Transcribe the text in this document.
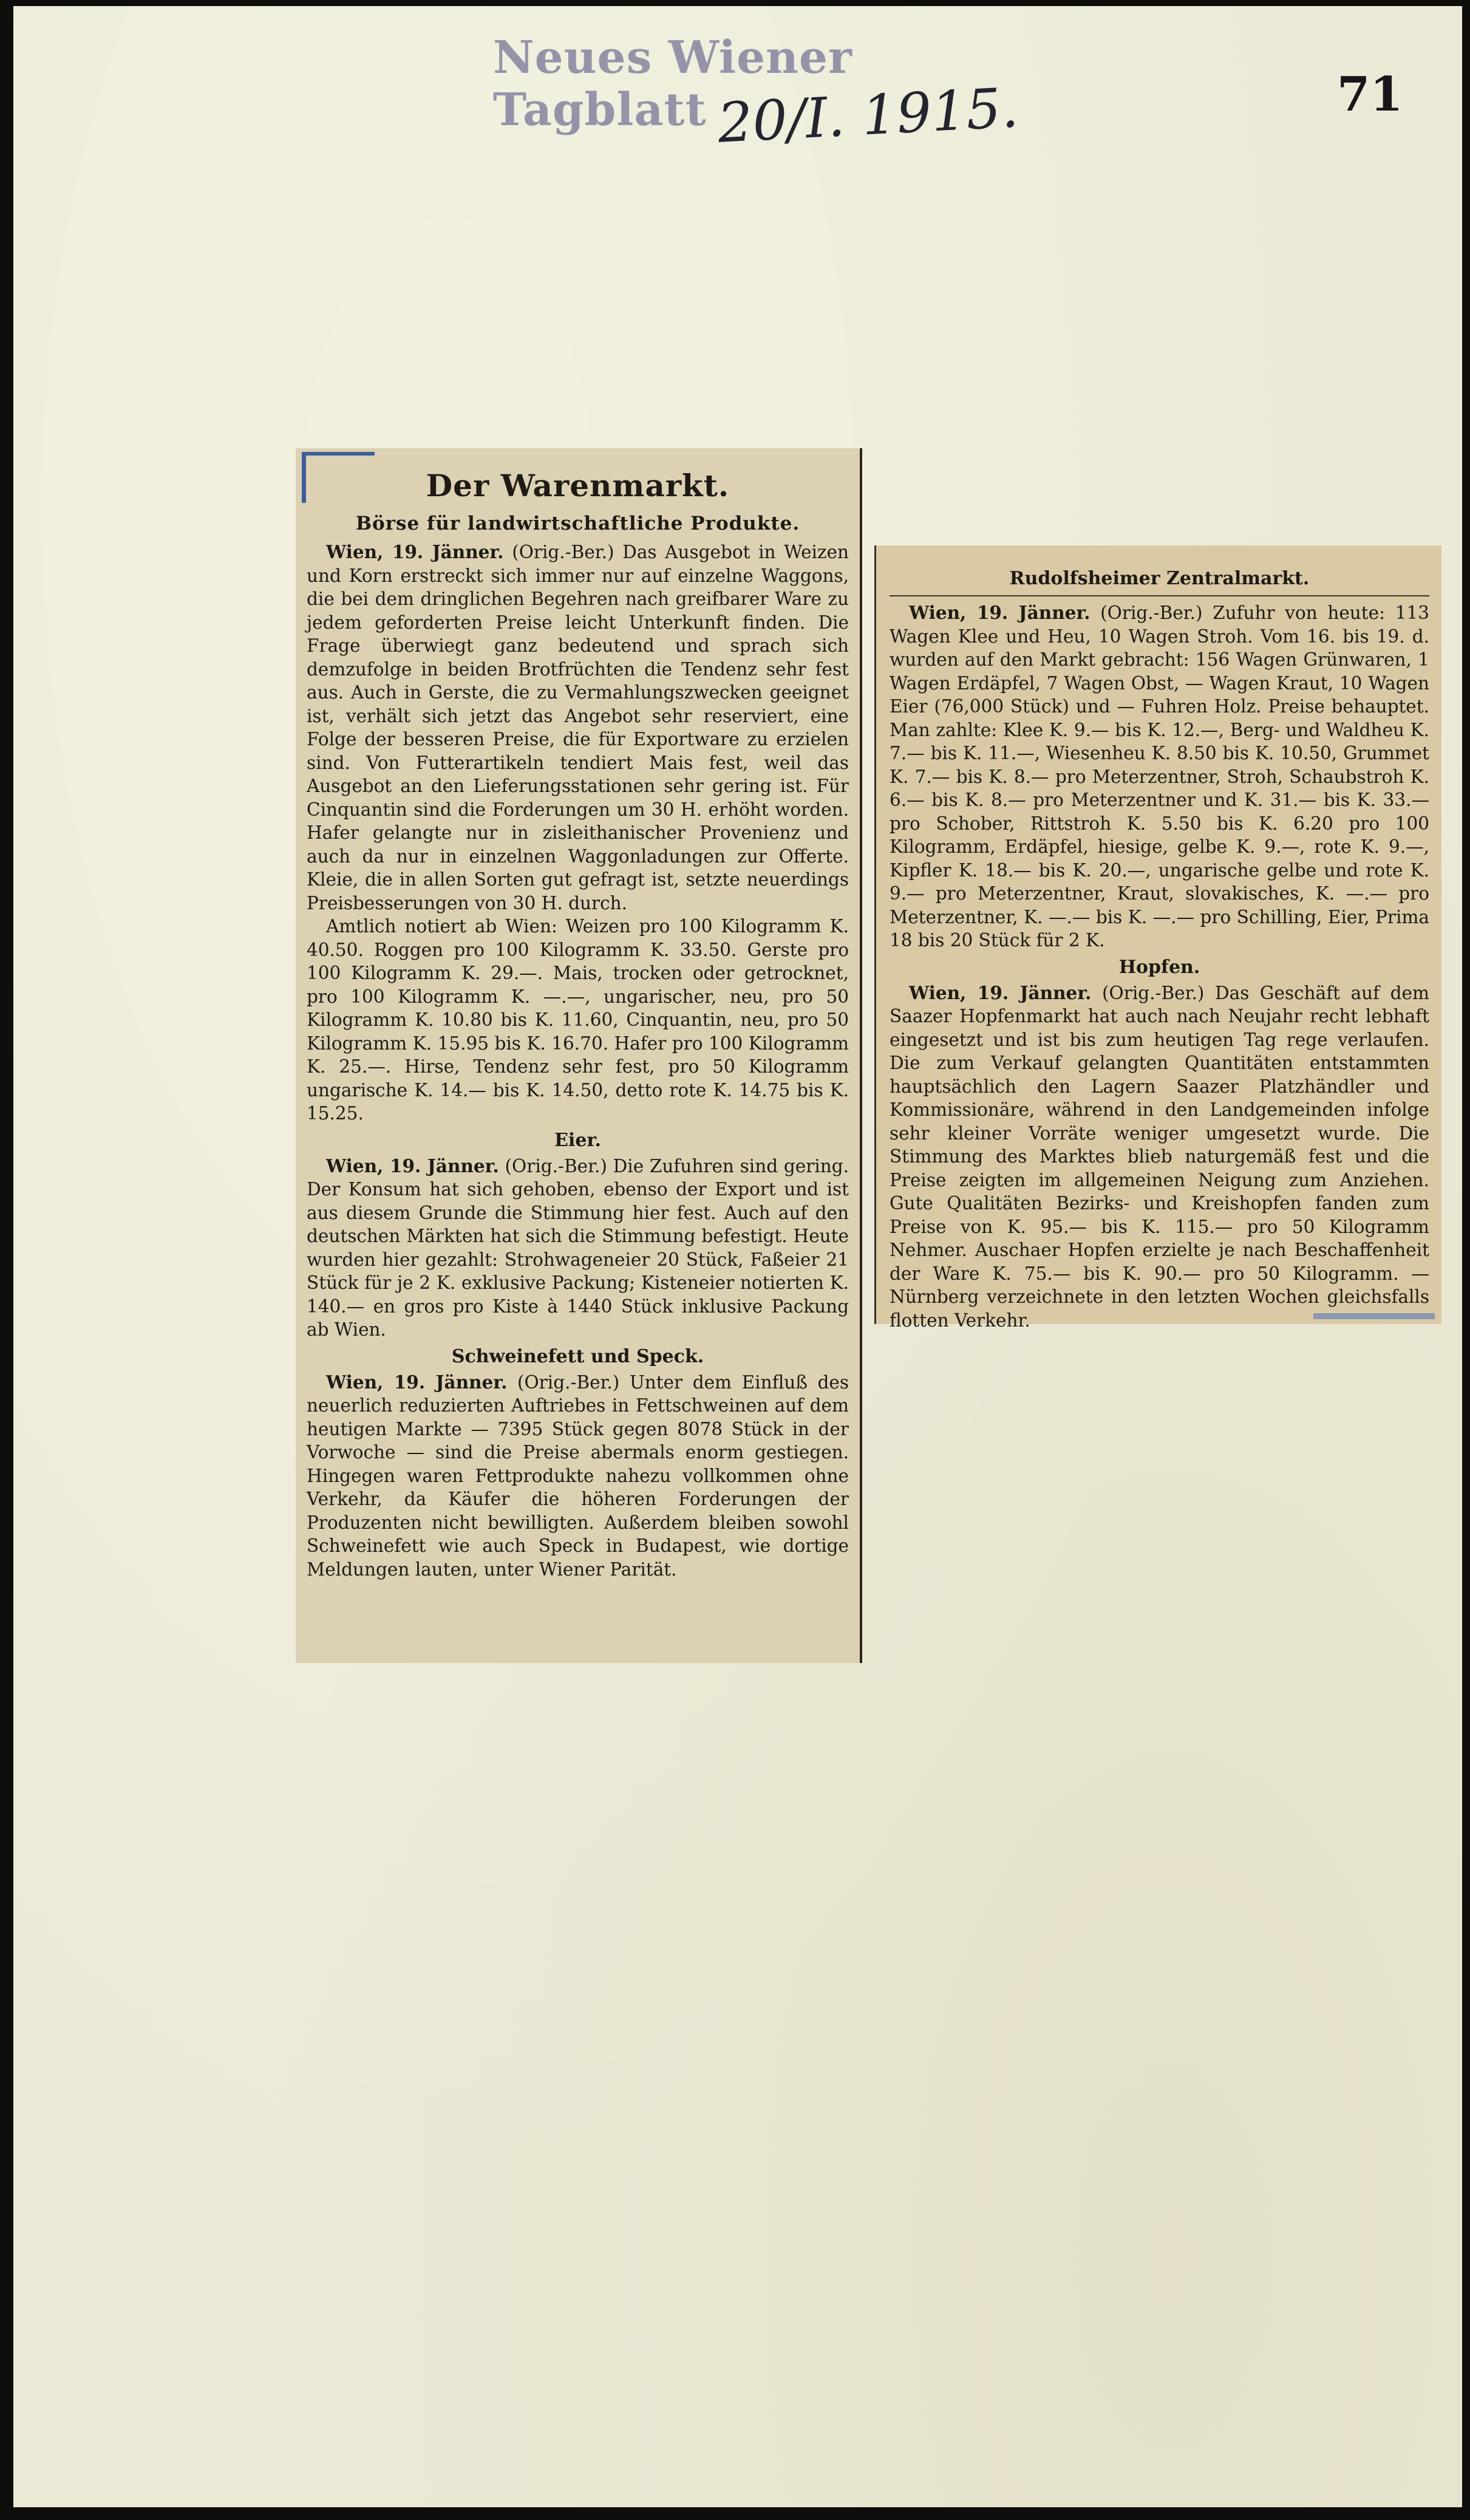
Neues Wiener Tagblatt 20/I. 1915.	71
Der Warenmarkt.
Börse für landwirtschaftliche Produkte.

Wien, 19. Jänner. (Orig.-Ber.) Das Ausgebot in Weizen und Korn erstreckt sich immer nur auf einzelne Waggons, die bei dem dringlichen Begehren nach greifbarer Ware zu jedem geforderten Preise leicht Unterkunft finden. Die Frage überwiegt ganz bedeutend und sprach sich demzufolge in beiden Brotfrüchten die Tendenz sehr fest aus. Auch in Gerste, die zu Vermahlungszwecken geeignet ist, verhält sich jetzt das Angebot sehr reserviert, eine Folge der besseren Preise, die für Exportware zu erzielen sind. Von Futterartikeln tendiert Mais fest, weil das Ausgebot an den Lieferungsstationen sehr gering ist. Für Cinquantin sind die Forderungen um 30 H. erhöht worden. Hafer gelangte nur in zisleithanischer Provenienz und auch da nur in einzelnen Waggonladungen zur Offerte. Kleie, die in allen Sorten gut gefragt ist, setzte neuerdings Preisbesserungen von 30 H. durch.

Amtlich notiert ab Wien: Weizen pro 100 Kilogramm K. 40.50. Roggen pro 100 Kilogramm K. 33.50. Gerste pro 100 Kilogramm K. 29.—. Mais, trocken oder getrocknet, pro 100 Kilogramm K. —.—, ungarischer, neu, pro 50 Kilogramm K. 10.80 bis K. 11.60, Cinquantin, neu, pro 50 Kilogramm K. 15.95 bis K. 16.70. Hafer pro 100 Kilogramm K. 25.—. Hirse, Tendenz sehr fest, pro 50 Kilogramm ungarische K. 14.— bis K. 14.50, detto rote K. 14.75 bis K. 15.25.

Eier.

Wien, 19. Jänner. (Orig.-Ber.) Die Zufuhren sind gering. Der Konsum hat sich gehoben, ebenso der Export und ist aus diesem Grunde die Stimmung hier fest. Auch auf den deutschen Märkten hat sich die Stimmung befestigt. Heute wurden hier gezahlt: Strohwageneier 20 Stück, Faßeier 21 Stück für je 2 K. exklusive Packung; Kisteneier notierten K. 140.— en gros pro Kiste à 1440 Stück inklusive Packung ab Wien.

Schweinefett und Speck.

Wien, 19. Jänner. (Orig.-Ber.) Unter dem Einfluß des neuerlich reduzierten Auftriebes in Fettschweinen auf dem heutigen Markte — 7395 Stück gegen 8078 Stück in der Vorwoche — sind die Preise abermals enorm gestiegen. Hingegen waren Fettprodukte nahezu vollkommen ohne Verkehr, da Käufer die höheren Forderungen der Produzenten nicht bewilligten. Außerdem bleiben sowohl Schweinefett wie auch Speck in Budapest, wie dortige Meldungen lauten, unter Wiener Parität.

Rudolfsheimer Zentralmarkt.

Wien, 19. Jänner. (Orig.-Ber.) Zufuhr von heute: 113 Wagen Klee und Heu, 10 Wagen Stroh. Vom 16. bis 19. d. wurden auf den Markt gebracht: 156 Wagen Grünwaren, 1 Wagen Erdäpfel, 7 Wagen Obst, — Wagen Kraut, 10 Wagen Eier (76,000 Stück) und — Fuhren Holz. Preise behauptet. Man zahlte: Klee K. 9.— bis K. 12.—, Berg- und Waldheu K. 7.— bis K. 11.—, Wiesenheu K. 8.50 bis K. 10.50, Grummet K. 7.— bis K. 8.— pro Meterzentner, Stroh, Schaubstroh K. 6.— bis K. 8.— pro Meterzentner und K. 31.— bis K. 33.— pro Schober, Rittstroh K. 5.50 bis K. 6.20 pro 100 Kilogramm, Erdäpfel, hiesige, gelbe K. 9.—, rote K. 9.—, Kipfler K. 18.— bis K. 20.—, ungarische gelbe und rote K. 9.— pro Meterzentner, Kraut, slovakisches, K. —.— pro Meterzentner, K. —.— bis K. —.— pro Schilling, Eier, Prima 18 bis 20 Stück für 2 K.

Hopfen.

Wien, 19. Jänner. (Orig.-Ber.) Das Geschäft auf dem Saazer Hopfenmarkt hat auch nach Neujahr recht lebhaft eingesetzt und ist bis zum heutigen Tag rege verlaufen. Die zum Verkauf gelangten Quantitäten entstammten hauptsächlich den Lagern Saazer Platzhändler und Kommissionäre, während in den Landgemeinden infolge sehr kleiner Vorräte weniger umgesetzt wurde. Die Stimmung des Marktes blieb naturgemäß fest und die Preise zeigten im allgemeinen Neigung zum Anziehen. Gute Qualitäten Bezirks- und Kreishopfen fanden zum Preise von K. 95.— bis K. 115.— pro 50 Kilogramm Nehmer. Auschaer Hopfen erzielte je nach Beschaffenheit der Ware K. 75.— bis K. 90.— pro 50 Kilogramm. — Nürnberg verzeichnete in den letzten Wochen gleichsfalls flotten Verkehr.
